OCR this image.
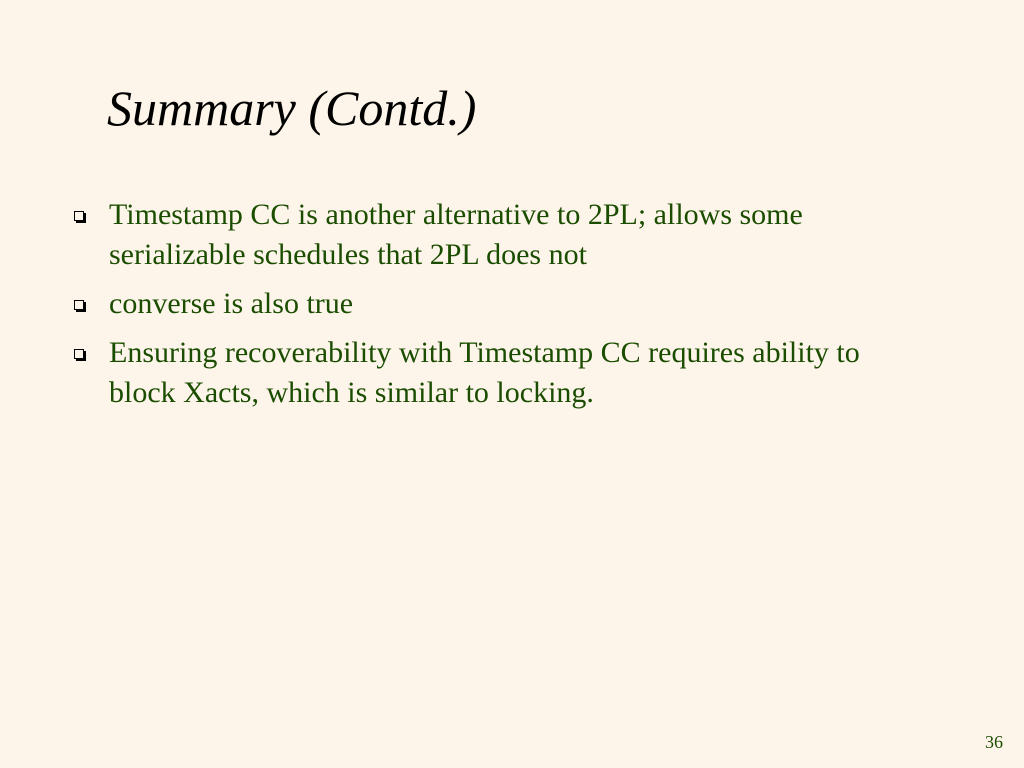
Summary (Contd.)
Timestamp CC is another alternative to 2PL; allows some serializable schedules that 2PL does not
converse is also true
Ensuring recoverability with Timestamp CC requires ability to block Xacts, which is similar to locking.
36
